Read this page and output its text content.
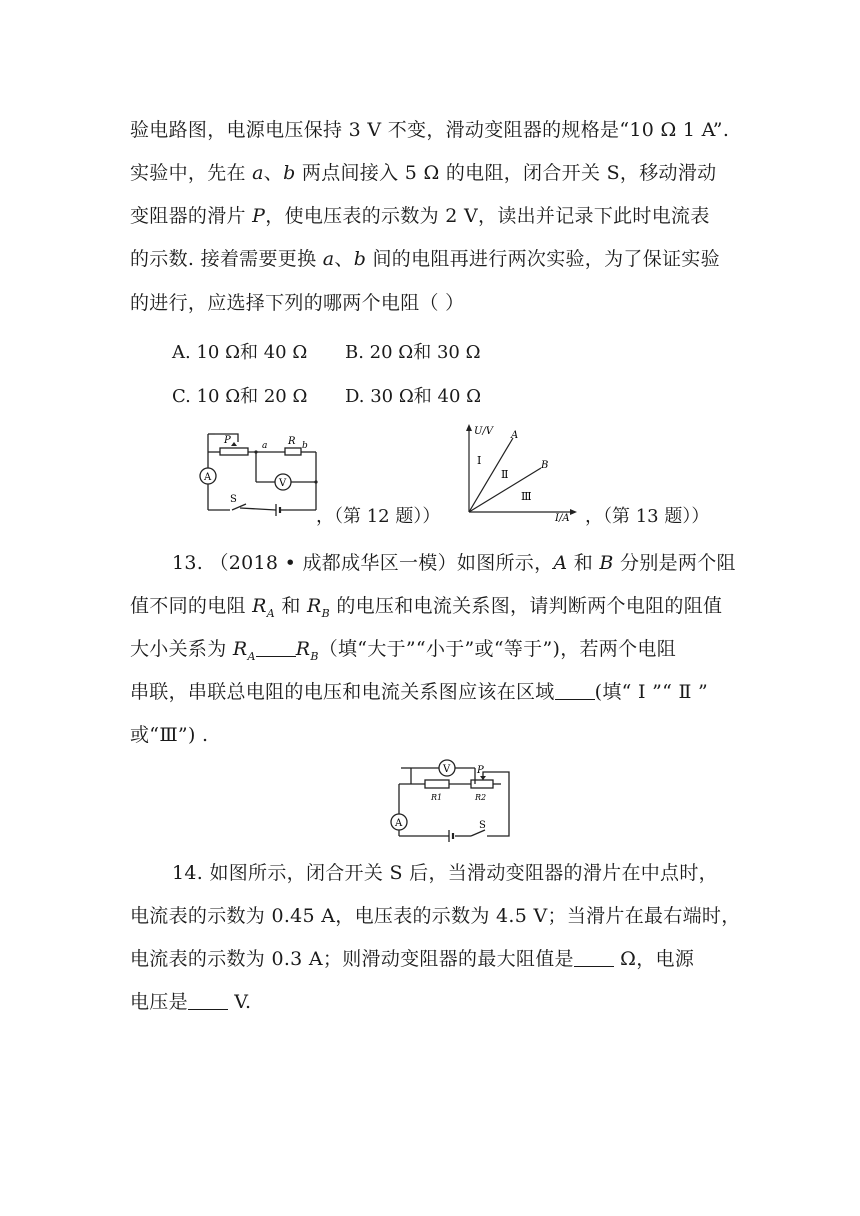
验电路图，电源电压保持 3 V 不变，滑动变阻器的规格是“10 Ω 1 A”.
实验中，先在 a、b 两点间接入 5 Ω 的电阻，闭合开关 S，移动滑动
变阻器的滑片 P，使电压表的示数为 2 V，读出并记录下此时电流表
的示数. 接着需要更换 a、b 间的电阻再进行两次实验，为了保证实验
的进行，应选择下列的哪两个电阻（ ）
A. 10 Ω和 40 Ω B. 20 Ω和 30 Ω
C. 10 Ω和 20 Ω D. 30 Ω和 40 Ω
P	a R b
A
V
S
，（第 12 题））
U/V
I/A
A
B
Ⅰ
Ⅱ
Ⅲ
，（第 13 题））
13. （2018 • 成都成华区一模）如图所示，A 和 B 分别是两个阻
值不同的电阻 $R_A$ 和 $R_B$ 的电压和电流关系图，请判断两个电阻的阻值
大小关系为 $R_A$ $R_B$（填“大于”“小于”或“等于”)，若两个电阻
串联，串联总电阻的电压和电流关系图应该在区域 (填“ Ⅰ ”“ Ⅱ ”
或“Ⅲ”) .
V
R1
P
R2
A	S
14. 如图所示，闭合开关 S 后，当滑动变阻器的滑片在中点时，
电流表的示数为 0.45 A，电压表的示数为 4.5 V；当滑片在最右端时，
电流表的示数为 0.3 A；则滑动变阻器的最大阻值是 Ω，电源
电压是 V.
